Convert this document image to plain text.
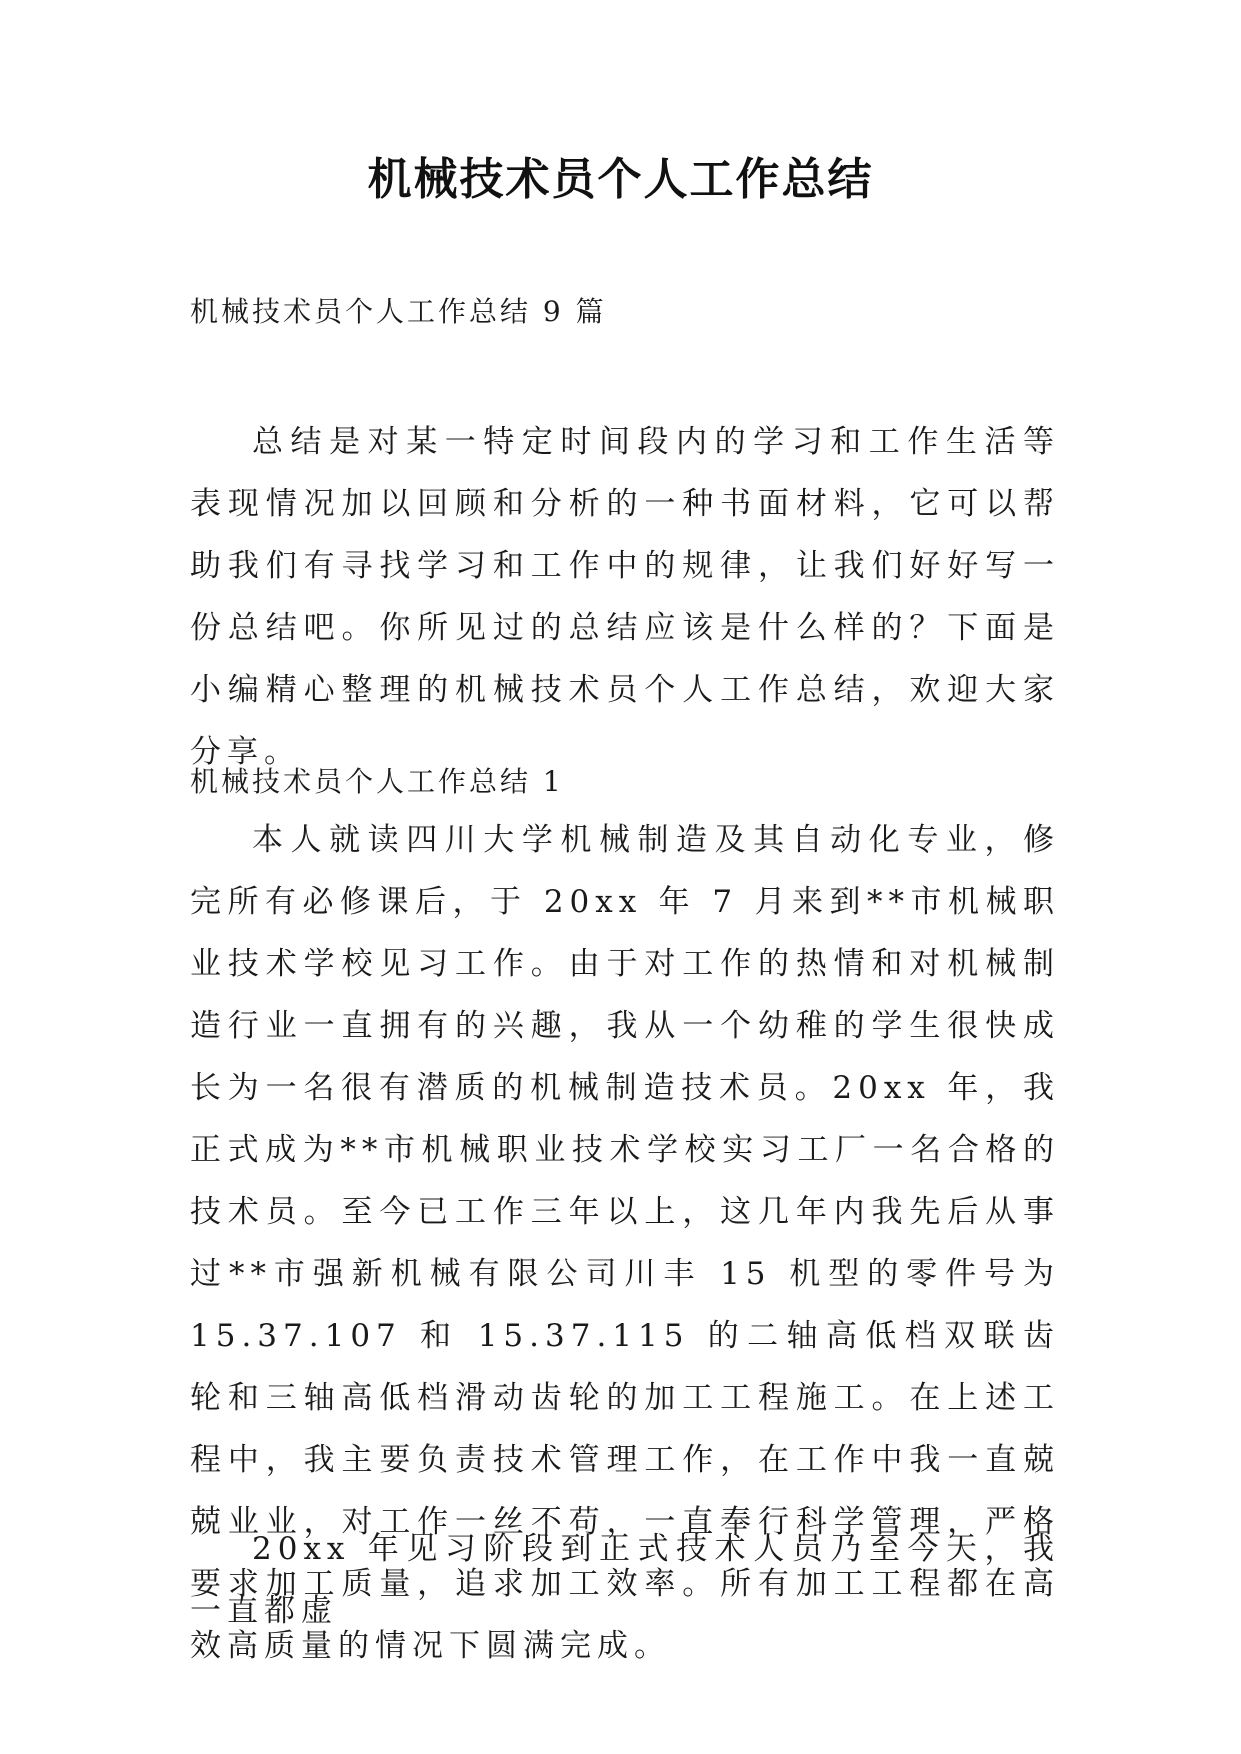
机械技术员个人工作总结
机械技术员个人工作总结 9 篇
总结是对某一特定时间段内的学习和工作生活等表现情况加以回顾和分析的一种书面材料，它可以帮助我们有寻找学习和工作中的规律，让我们好好写一份总结吧。你所见过的总结应该是什么样的？下面是小编精心整理的机械技术员个人工作总结，欢迎大家分享。
机械技术员个人工作总结 1
本人就读四川大学机械制造及其自动化专业，修完所有必修课后，于 20xx 年 7 月来到**市机械职业技术学校见习工作。由于对工作的热情和对机械制造行业一直拥有的兴趣，我从一个幼稚的学生很快成长为一名很有潜质的机械制造技术员。20xx 年，我正式成为**市机械职业技术学校实习工厂一名合格的技术员。至今已工作三年以上，这几年内我先后从事过**市强新机械有限公司川丰 15 机型的零件号为 15.37.107 和 15.37.115 的二轴高低档双联齿轮和三轴高低档滑动齿轮的加工工程施工。在上述工程中，我主要负责技术管理工作，在工作中我一直兢兢业业，对工作一丝不苟，一直奉行科学管理，严格要求加工质量，追求加工效率。所有加工工程都在高效高质量的情况下圆满完成。
20xx 年见习阶段到正式技术人员乃至今天，我一直都虚
